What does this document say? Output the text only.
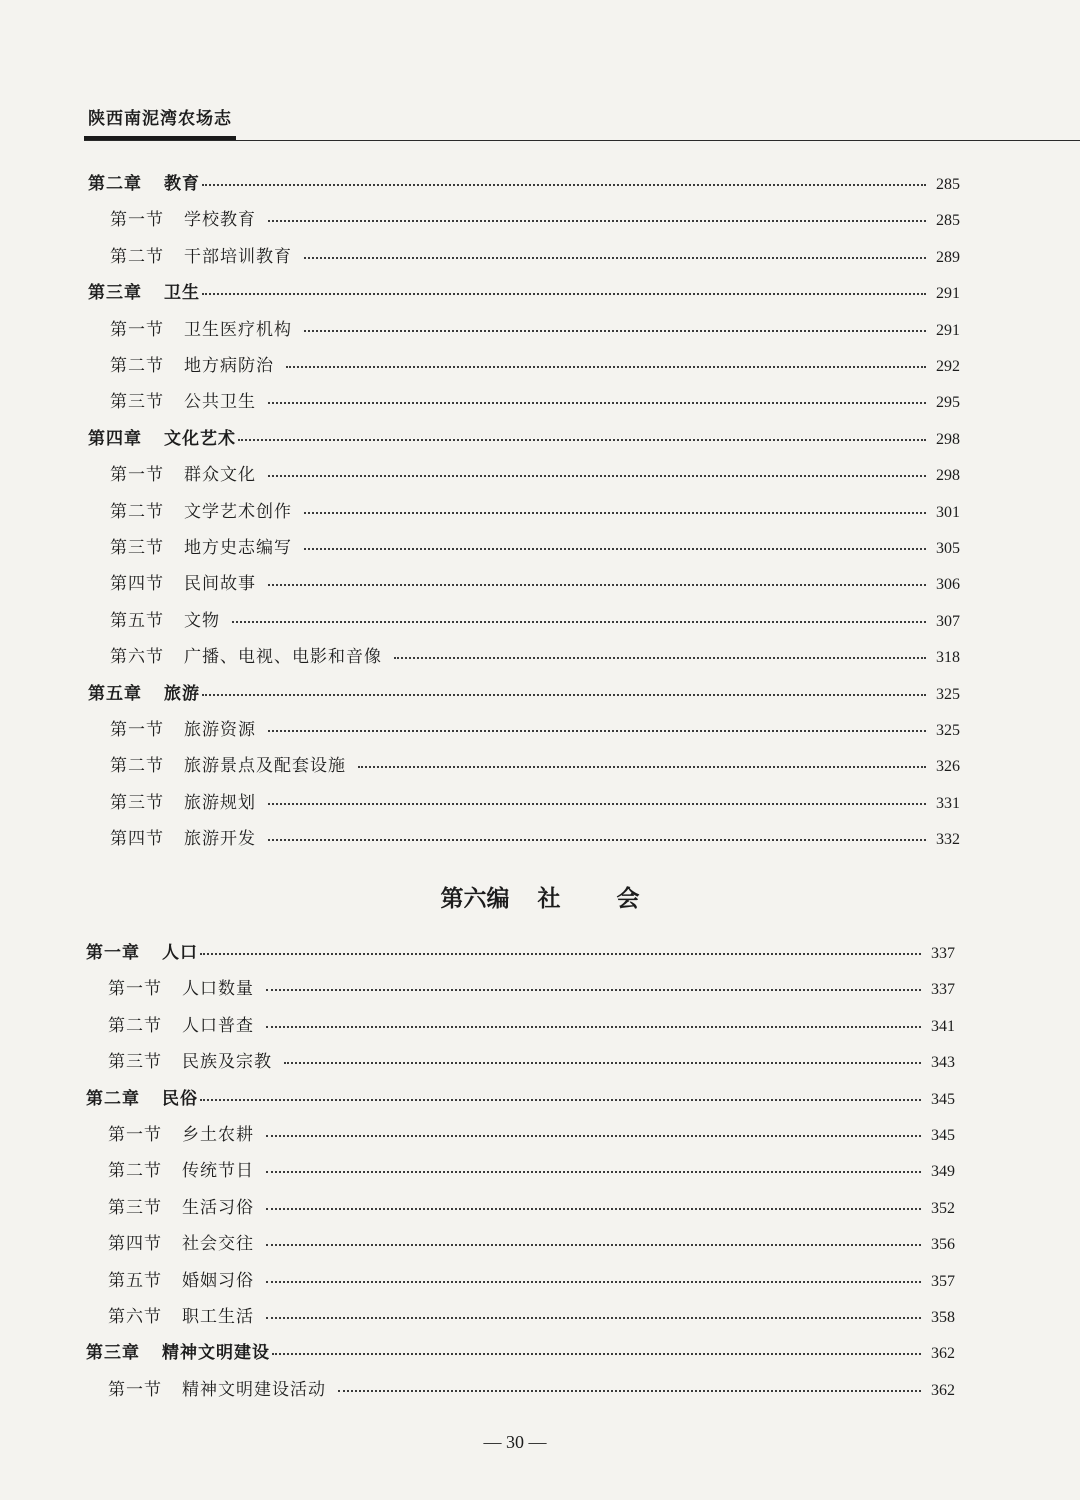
陕西南泥湾农场志
第二章 教育	285
第一节 学校教育	285
第二节 干部培训教育	289
第三章 卫生	291
第一节 卫生医疗机构	291
第二节 地方病防治	292
第三节 公共卫生	295
第四章 文化艺术	298
第一节 群众文化	298
第二节 文学艺术创作	301
第三节 地方史志编写	305
第四节 民间故事	306
第五节 文物	307
第六节 广播、电视、电影和音像	318
第五章 旅游	325
第一节 旅游资源	325
第二节 旅游景点及配套设施	326
第三节 旅游规划	331
第四节 旅游开发	332
第六编 社 会
第一章 人口	337
第一节 人口数量	337
第二节 人口普查	341
第三节 民族及宗教	343
第二章 民俗	345
第一节 乡土农耕	345
第二节 传统节日	349
第三节 生活习俗	352
第四节 社会交往	356
第五节 婚姻习俗	357
第六节 职工生活	358
第三章 精神文明建设	362
第一节 精神文明建设活动	362
— 30 —
